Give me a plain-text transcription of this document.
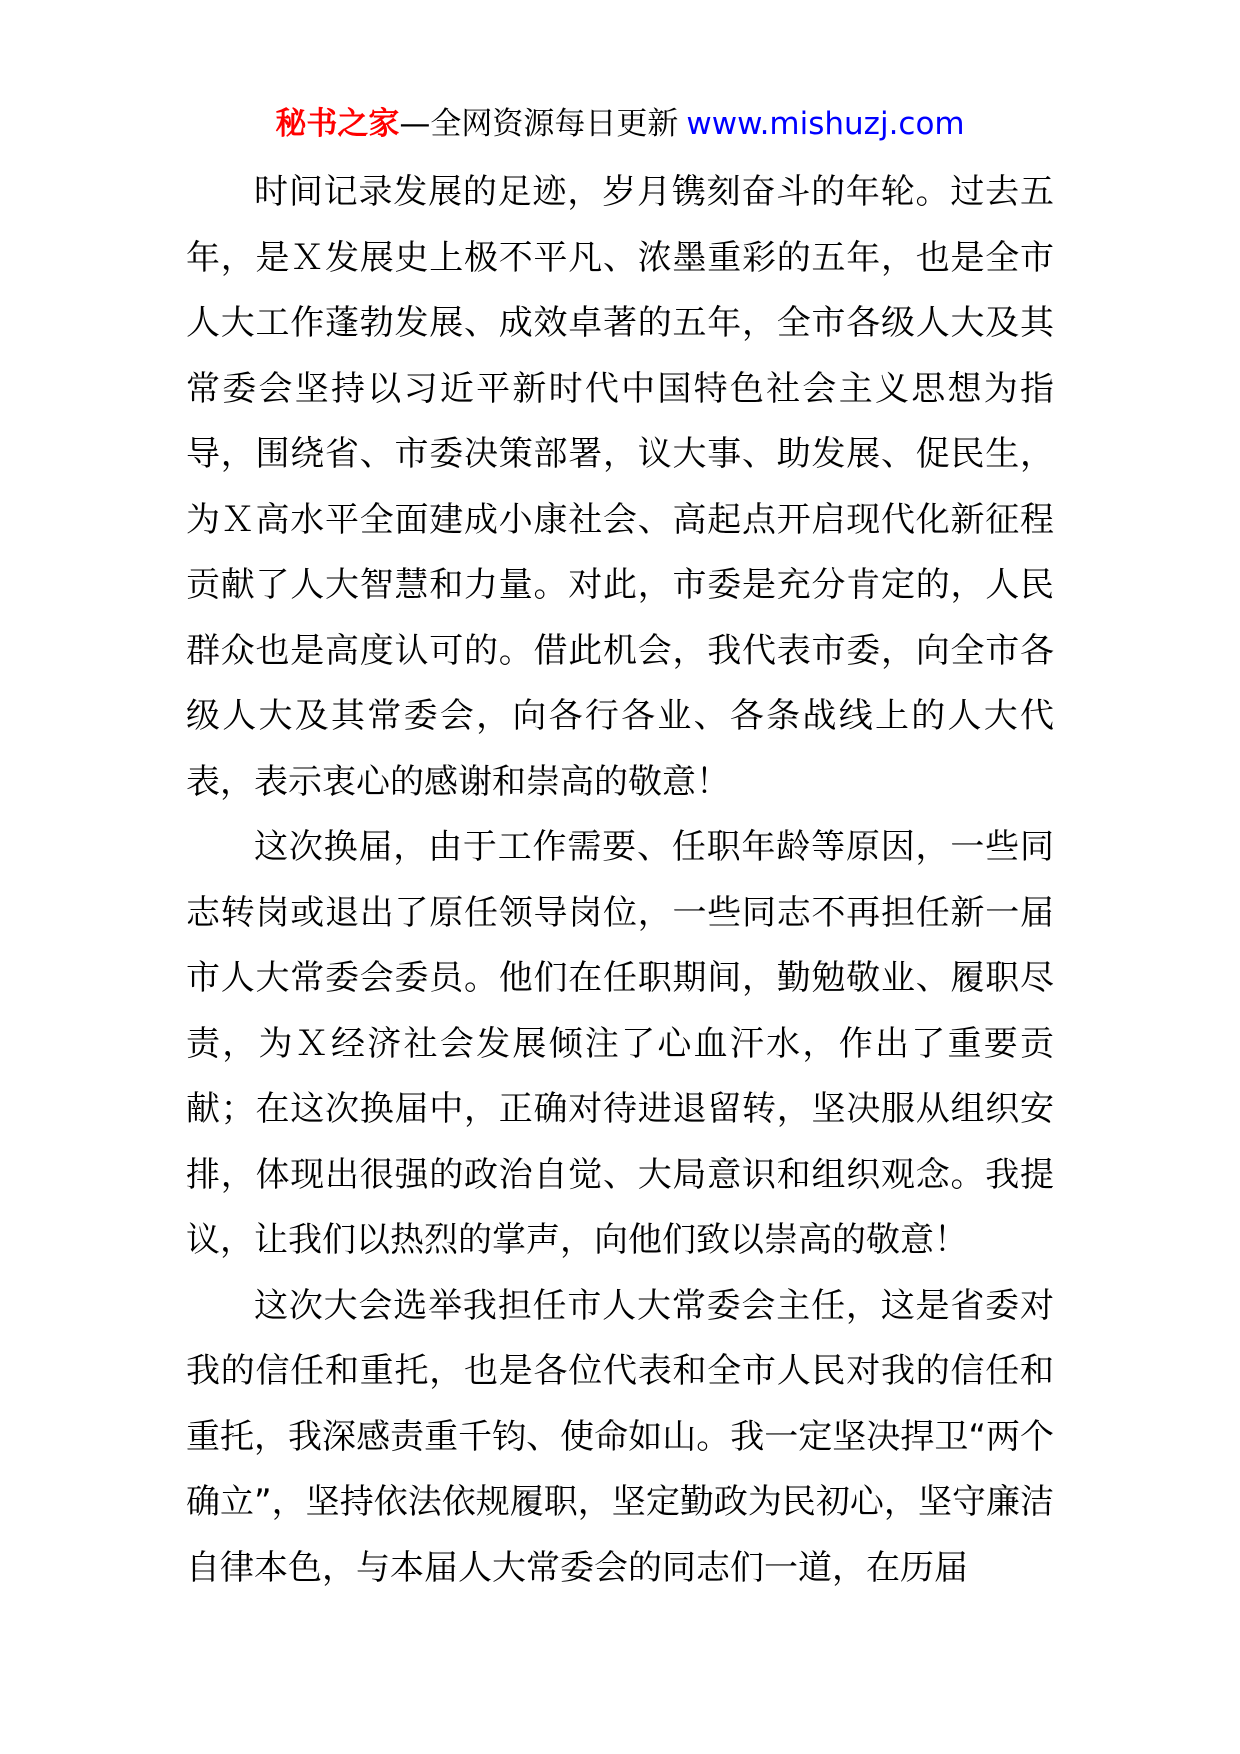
秘书之家—全网资源每日更新 www.mishuzj.com

时间记录发展的足迹，岁月镌刻奋斗的年轮。过去五年，是Ｘ发展史上极不平凡、浓墨重彩的五年，也是全市人大工作蓬勃发展、成效卓著的五年，全市各级人大及其常委会坚持以习近平新时代中国特色社会主义思想为指导，围绕省、市委决策部署，议大事、助发展、促民生，为Ｘ高水平全面建成小康社会、高起点开启现代化新征程贡献了人大智慧和力量。对此，市委是充分肯定的，人民群众也是高度认可的。借此机会，我代表市委，向全市各级人大及其常委会，向各行各业、各条战线上的人大代表，表示衷心的感谢和崇高的敬意！

这次换届，由于工作需要、任职年龄等原因，一些同志转岗或退出了原任领导岗位，一些同志不再担任新一届市人大常委会委员。他们在任职期间，勤勉敬业、履职尽责，为Ｘ经济社会发展倾注了心血汗水，作出了重要贡献；在这次换届中，正确对待进退留转，坚决服从组织安排，体现出很强的政治自觉、大局意识和组织观念。我提议，让我们以热烈的掌声，向他们致以崇高的敬意！

这次大会选举我担任市人大常委会主任，这是省委对我的信任和重托，也是各位代表和全市人民对我的信任和重托，我深感责重千钧、使命如山。我一定坚决捍卫“两个确立”，坚持依法依规履职，坚定勤政为民初心，坚守廉洁自律本色，与本届人大常委会的同志们一道，在历届
